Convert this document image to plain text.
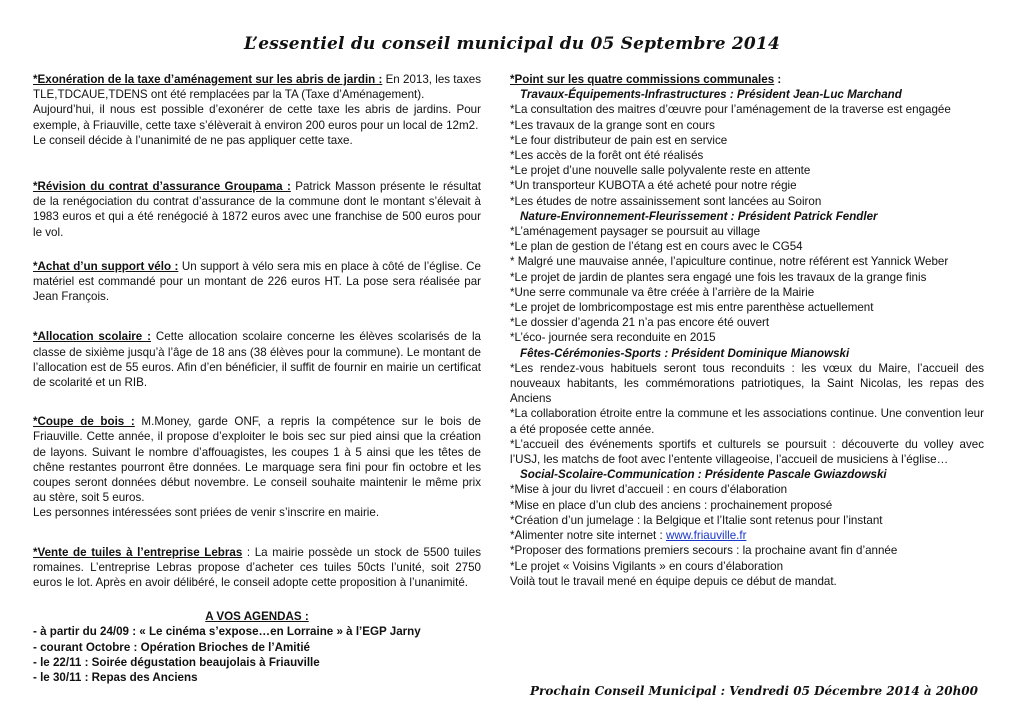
L’essentiel du conseil municipal du 05 Septembre 2014

*Exonération de la taxe d’aménagement sur les abris de jardin : En 2013, les taxes TLE,TDCAUE,TDENS ont été remplacées par la TA (Taxe d’Aménagement).

Aujourd’hui, il nous est possible d’exonérer de cette taxe les abris de jardins. Pour exemple, à Friauville, cette taxe s’élèverait à environ 200 euros pour un local de 12m2.

Le conseil décide à l’unanimité de ne pas appliquer cette taxe.

*Révision du contrat d’assurance Groupama : Patrick Masson présente le résultat de la renégociation du contrat d’assurance de la commune dont le montant s’élevait à 1983 euros et qui a été renégocié à 1872 euros avec une franchise de 500 euros pour le vol.

*Achat d’un support vélo : Un support à vélo sera mis en place à côté de l’église. Ce matériel est commandé pour un montant de 226 euros HT. La pose sera réalisée par Jean François.

*Allocation scolaire : Cette allocation scolaire concerne les élèves scolarisés de la classe de sixième jusqu’à l’âge de 18 ans (38 élèves pour la commune). Le montant de l’allocation est de 55 euros. Afin d’en bénéficier, il suffit de fournir en mairie un certificat de scolarité et un RIB.

*Coupe de bois : M.Money, garde ONF, a repris la compétence sur le bois de Friauville. Cette année, il propose d’exploiter le bois sec sur pied ainsi que la création de layons. Suivant le nombre d’affouagistes, les coupes 1 à 5 ainsi que les têtes de chêne restantes pourront être données. Le marquage sera fini pour fin octobre et les coupes seront données début novembre. Le conseil souhaite maintenir le même prix au stère, soit 5 euros.

Les personnes intéressées sont priées de venir s’inscrire en mairie.

*Vente de tuiles à l’entreprise Lebras : La mairie possède un stock de 5500 tuiles romaines. L’entreprise Lebras propose d’acheter ces tuiles 50cts l’unité, soit 2750 euros le lot. Après en avoir délibéré, le conseil adopte cette proposition à l’unanimité.

A VOS AGENDAS :

- à partir du 24/09 : « Le cinéma s’expose…en Lorraine » à l’EGP Jarny

- courant Octobre : Opération Brioches de l’Amitié

- le 22/11 : Soirée dégustation beaujolais à Friauville

- le 30/11 : Repas des Anciens

*Point sur les quatre commissions communales :

Travaux-Équipements-Infrastructures : Président Jean-Luc Marchand

*La consultation des maitres d’œuvre pour l’aménagement de la traverse est engagée

*Les travaux de la grange sont en cours

*Le four distributeur de pain est en service

*Les accès de la forêt ont été réalisés

*Le projet d’une nouvelle salle polyvalente reste en attente

*Un transporteur KUBOTA a été acheté pour notre régie

*Les études de notre assainissement sont lancées au Soiron

Nature-Environnement-Fleurissement : Président Patrick Fendler

*L’aménagement paysager se poursuit au village

*Le plan de gestion de l’étang est en cours avec le CG54

* Malgré une mauvaise année, l’apiculture continue, notre référent est Yannick Weber

*Le projet de jardin de plantes sera engagé une fois les travaux de la grange finis

*Une serre communale va être créée à l’arrière de la Mairie

*Le projet de lombricompostage est mis entre parenthèse actuellement

*Le dossier d’agenda 21 n’a pas encore été ouvert

*L’éco- journée sera reconduite en 2015

Fêtes-Cérémonies-Sports : Président Dominique Mianowski

*Les rendez-vous habituels seront tous reconduits : les vœux du Maire, l’accueil des nouveaux habitants, les commémorations patriotiques, la Saint Nicolas, les repas des Anciens

*La collaboration étroite entre la commune et les associations continue. Une convention leur a été proposée cette année.

*L’accueil des événements sportifs et culturels se poursuit : découverte du volley avec l’USJ, les matchs de foot avec l’entente villageoise, l’accueil de musiciens à l’église…

Social-Scolaire-Communication : Présidente Pascale Gwiazdowski

*Mise à jour du livret d’accueil : en cours d’élaboration

*Mise en place d’un club des anciens : prochainement proposé

*Création d’un jumelage : la Belgique et l’Italie sont retenus pour l’instant

*Alimenter notre site internet : www.friauville.fr

*Proposer des formations premiers secours : la prochaine avant fin d’année

*Le projet « Voisins Vigilants » en cours d’élaboration

Voilà tout le travail mené en équipe depuis ce début de mandat.

Prochain Conseil Municipal : Vendredi 05 Décembre 2014 à 20h00
